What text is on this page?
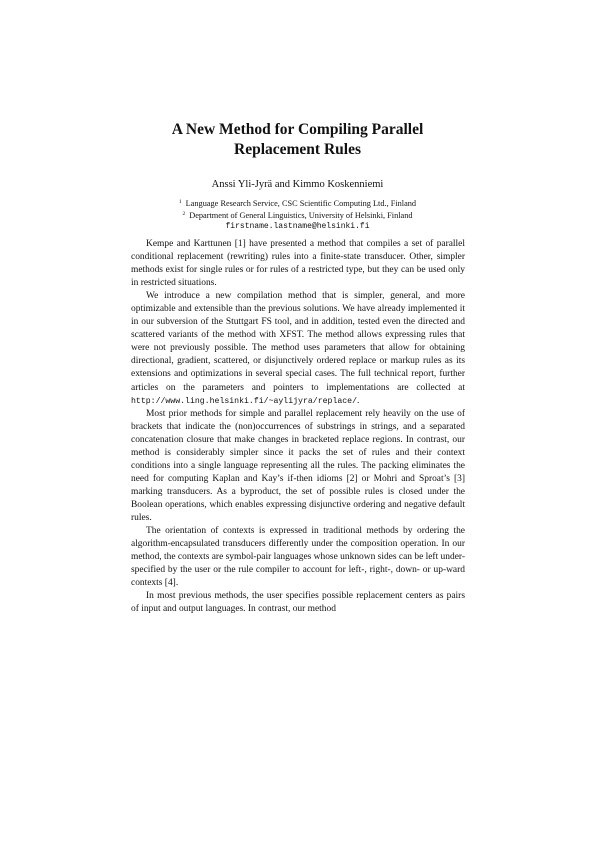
A New Method for Compiling Parallel
Replacement Rules
Anssi Yli-Jyrä and Kimmo Koskenniemi
$^1$ Language Research Service, CSC Scientific Computing Ltd., Finland
$^2$ Department of General Linguistics, University of Helsinki, Finland
firstname.lastname@helsinki.fi

Kempe and Karttunen [1] have presented a method that compiles a set of parallel conditional replacement (rewriting) rules into a finite-state transducer. Other, simpler methods exist for single rules or for rules of a restricted type, but they can be used only in restricted situations.

We introduce a new compilation method that is simpler, general, and more optimizable and extensible than the previous solutions. We have already implemented it in our subversion of the Stuttgart FS tool, and in addition, tested even the directed and scattered variants of the method with XFST. The method allows expressing rules that were not previously possible. The method uses parameters that allow for obtaining directional, gradient, scattered, or disjunctively ordered replace or markup rules as its extensions and optimizations in several special cases. The full technical report, further articles on the parameters and pointers to implementations are collected at http://www.ling.helsinki.fi/~aylijyra/replace/.

Most prior methods for simple and parallel replacement rely heavily on the use of brackets that indicate the (non)occurrences of substrings in strings, and a separated concatenation closure that make changes in bracketed replace regions. In contrast, our method is considerably simpler since it packs the set of rules and their context conditions into a single language representing all the rules. The packing eliminates the need for computing Kaplan and Kay’s if-then idioms [2] or Mohri and Sproat’s [3] marking transducers. As a byproduct, the set of possible rules is closed under the Boolean operations, which enables expressing disjunctive ordering and negative default rules.

The orientation of contexts is expressed in traditional methods by ordering the algorithm-encapsulated transducers differently under the composition operation. In our method, the contexts are symbol-pair languages whose unknown sides can be left under-specified by the user or the rule compiler to account for left-, right-, down- or up-ward contexts [4].

In most previous methods, the user specifies possible replacement centers as pairs of input and output languages. In contrast, our method
